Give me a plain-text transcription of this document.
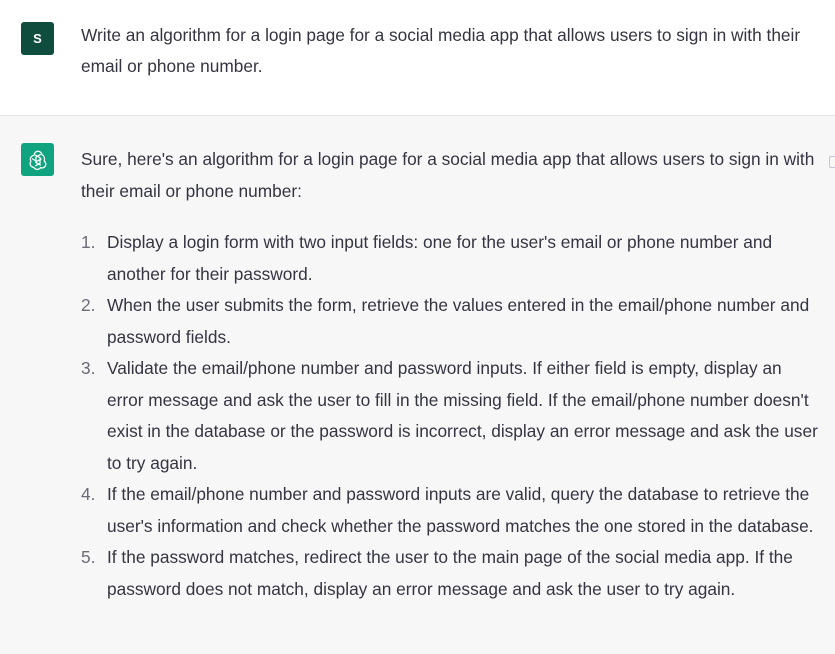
S	Write an algorithm for a login page for a social media app that allows users to sign in with their email or phone number.

Sure, here's an algorithm for a login page for a social media app that allows users to sign in with their email or phone number:

1. Display a login form with two input fields: one for the user's email or phone number and another for their password.
2. When the user submits the form, retrieve the values entered in the email/phone number and password fields.
3. Validate the email/phone number and password inputs. If either field is empty, display an error message and ask the user to fill in the missing field. If the email/phone number doesn't exist in the database or the password is incorrect, display an error message and ask the user to try again.
4. If the email/phone number and password inputs are valid, query the database to retrieve the user's information and check whether the password matches the one stored in the database.
5. If the password matches, redirect the user to the main page of the social media app. If the password does not match, display an error message and ask the user to try again.
